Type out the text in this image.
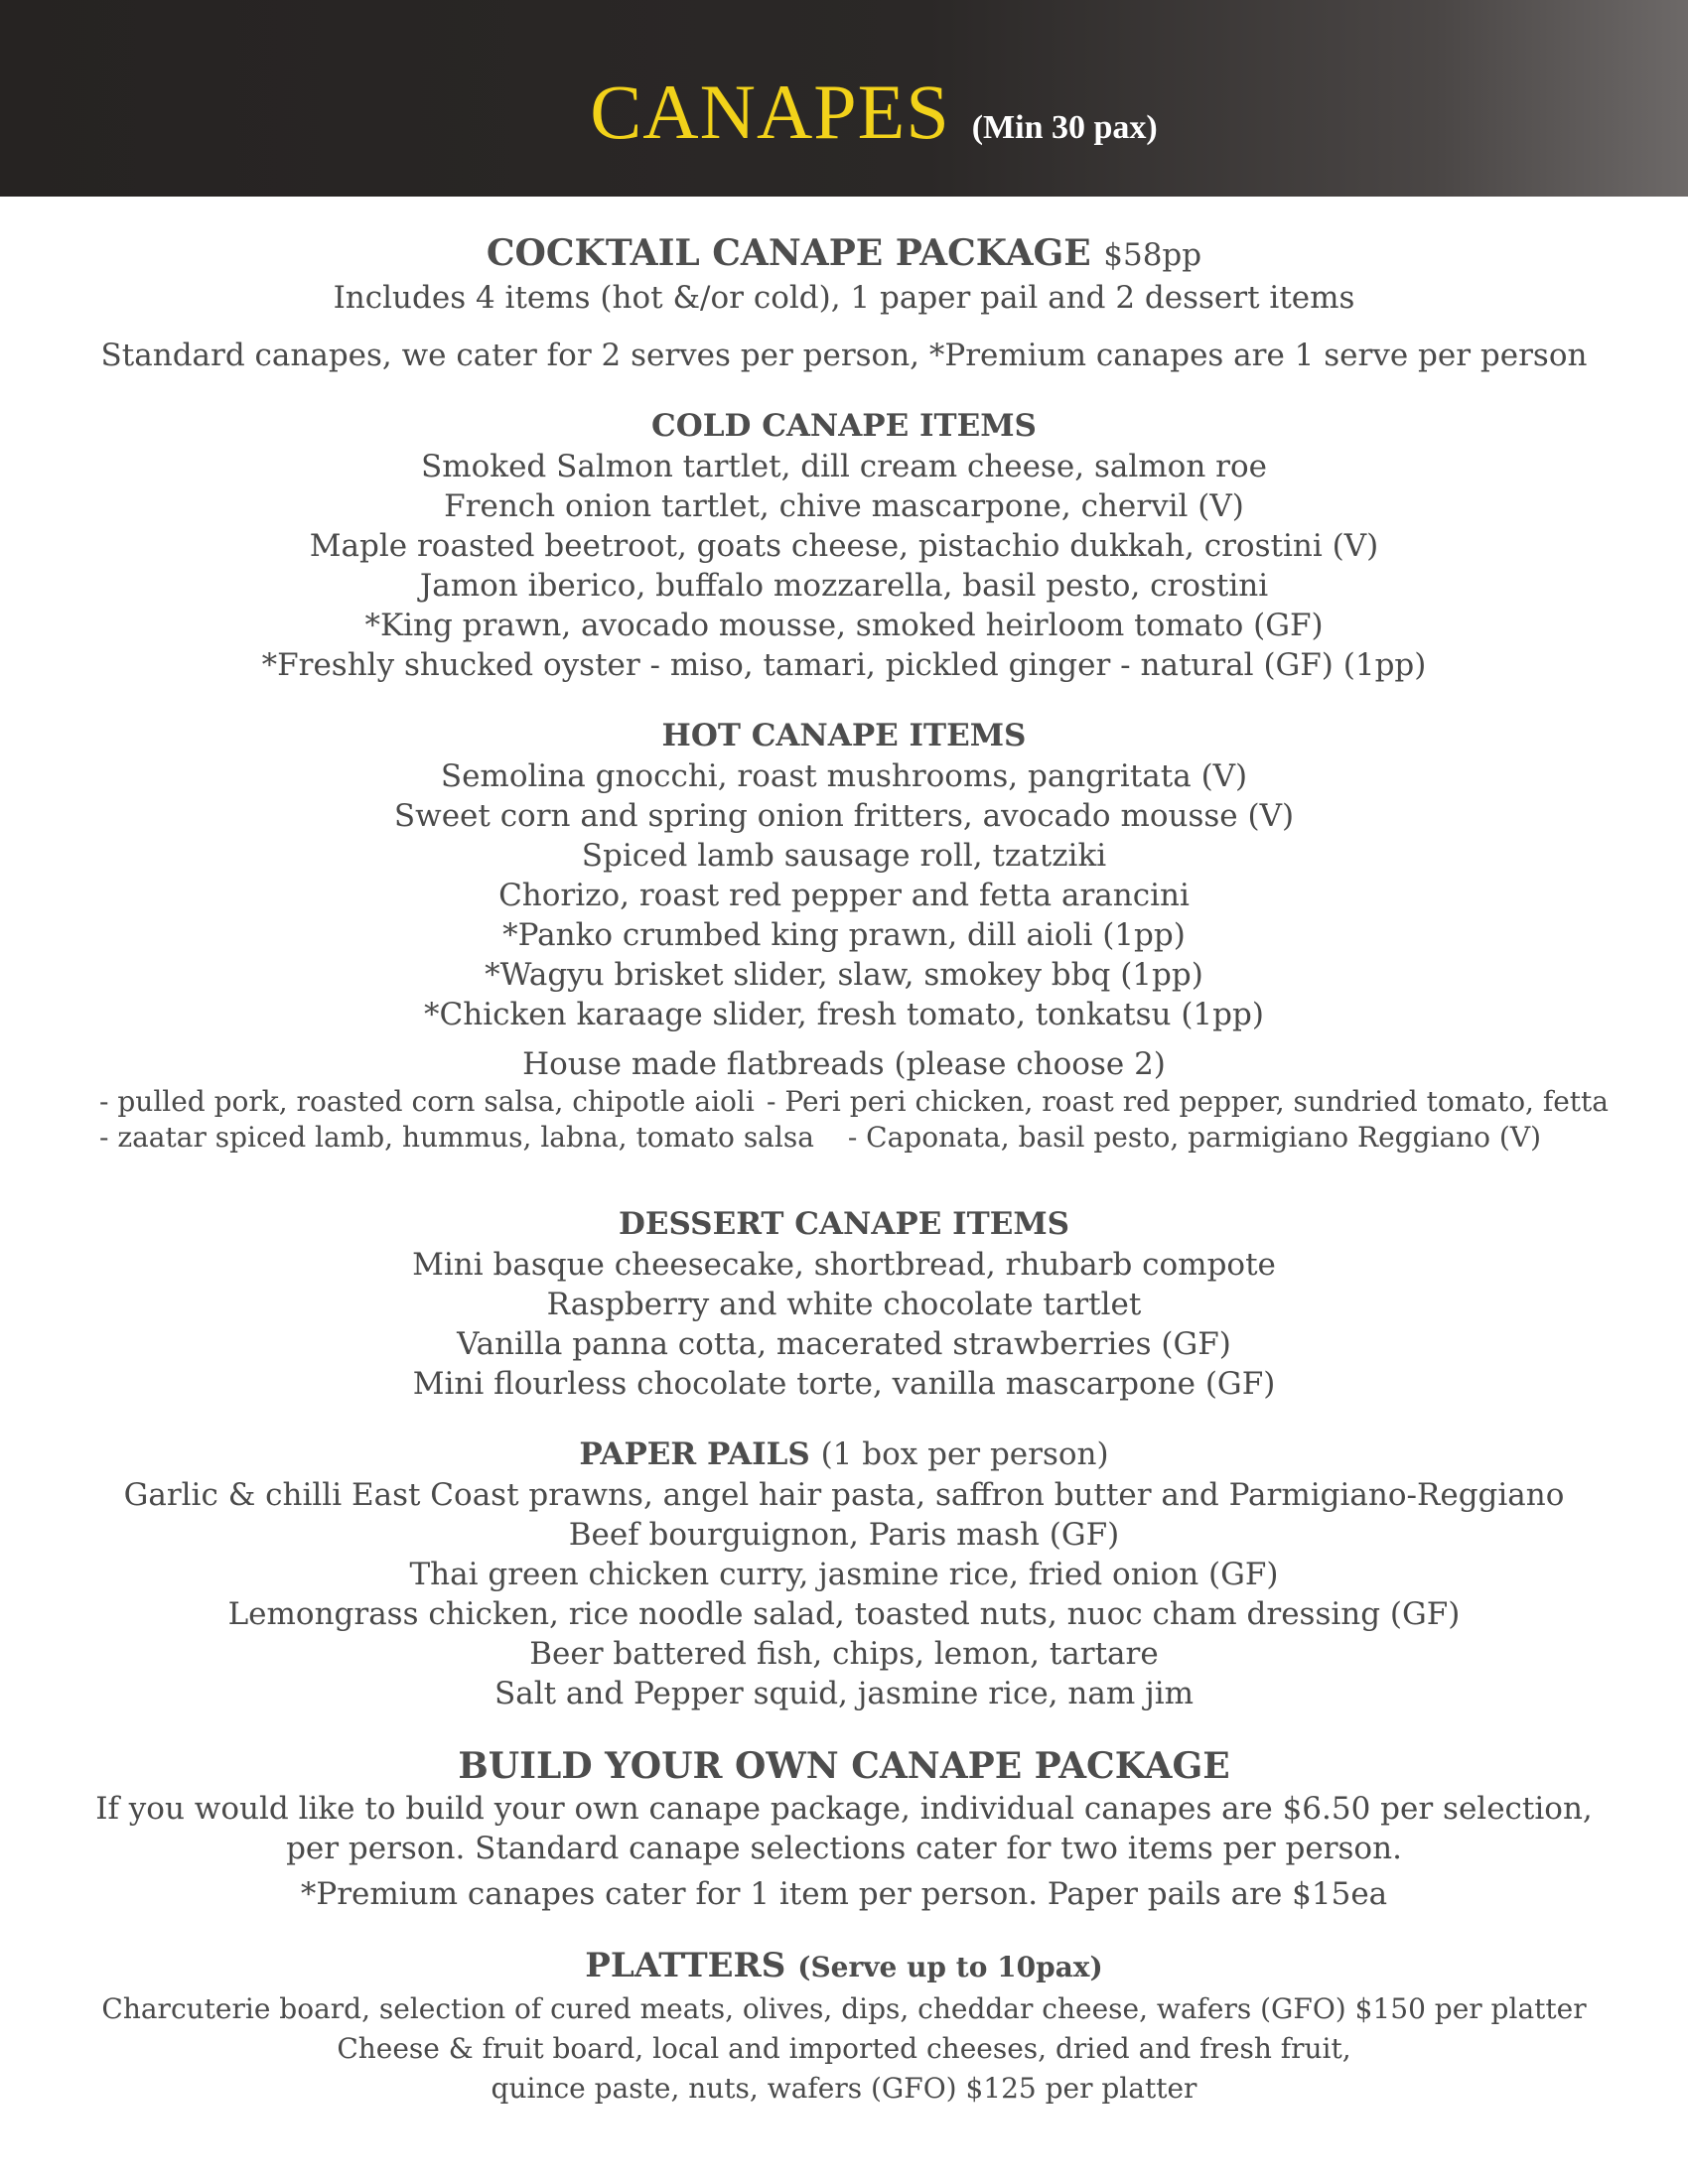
CANAPES (Min 30 pax)
COCKTAIL CANAPE PACKAGE $58pp
Includes 4 items (hot &/or cold), 1 paper pail and 2 dessert items
Standard canapes, we cater for 2 serves per person, *Premium canapes are 1 serve per person
COLD CANAPE ITEMS
Smoked Salmon tartlet, dill cream cheese, salmon roe
French onion tartlet, chive mascarpone, chervil (V)
Maple roasted beetroot, goats cheese, pistachio dukkah, crostini (V)
Jamon iberico, buffalo mozzarella, basil pesto, crostini
*King prawn, avocado mousse, smoked heirloom tomato (GF)
*Freshly shucked oyster - miso, tamari, pickled ginger - natural (GF) (1pp)
HOT CANAPE ITEMS
Semolina gnocchi, roast mushrooms, pangritata (V)
Sweet corn and spring onion fritters, avocado mousse (V)
Spiced lamb sausage roll, tzatziki
Chorizo, roast red pepper and fetta arancini
*Panko crumbed king prawn, dill aioli (1pp)
*Wagyu brisket slider, slaw, smokey bbq (1pp)
*Chicken karaage slider, fresh tomato, tonkatsu (1pp)
House made flatbreads (please choose 2)
- pulled pork, roasted corn salsa, chipotle aioli - Peri peri chicken, roast red pepper, sundried tomato, fetta
- zaatar spiced lamb, hummus, labna, tomato salsa - Caponata, basil pesto, parmigiano Reggiano (V)
DESSERT CANAPE ITEMS
Mini basque cheesecake, shortbread, rhubarb compote
Raspberry and white chocolate tartlet
Vanilla panna cotta, macerated strawberries (GF)
Mini flourless chocolate torte, vanilla mascarpone (GF)
PAPER PAILS (1 box per person)
Garlic & chilli East Coast prawns, angel hair pasta, saffron butter and Parmigiano-Reggiano
Beef bourguignon, Paris mash (GF)
Thai green chicken curry, jasmine rice, fried onion (GF)
Lemongrass chicken, rice noodle salad, toasted nuts, nuoc cham dressing (GF)
Beer battered fish, chips, lemon, tartare
Salt and Pepper squid, jasmine rice, nam jim
BUILD YOUR OWN CANAPE PACKAGE
If you would like to build your own canape package, individual canapes are $6.50 per selection,
per person. Standard canape selections cater for two items per person.
*Premium canapes cater for 1 item per person. Paper pails are $15ea
PLATTERS (Serve up to 10pax)
Charcuterie board, selection of cured meats, olives, dips, cheddar cheese, wafers (GFO) $150 per platter
Cheese & fruit board, local and imported cheeses, dried and fresh fruit,
quince paste, nuts, wafers (GFO) $125 per platter
